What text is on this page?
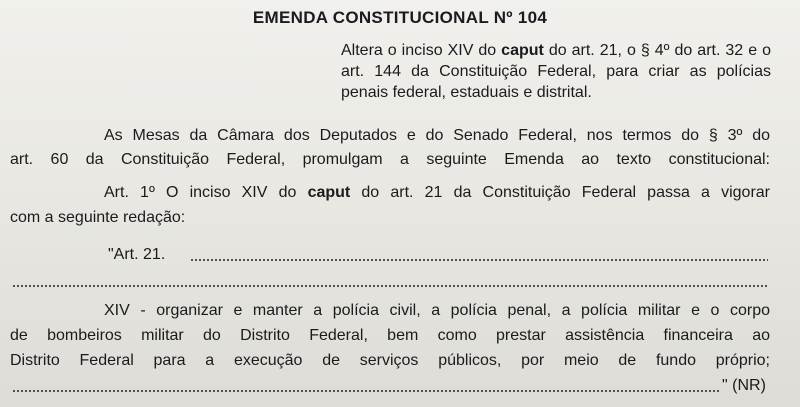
EMENDA CONSTITUCIONAL Nº 104
Altera o inciso XIV do caput do art. 21, o § 4º do art. 32 e o art. 144 da Constituição Federal, para criar as polícias penais federal, estaduais e distrital.
As Mesas da Câmara dos Deputados e do Senado Federal, nos termos do § 3º do
art. 60 da Constituição Federal, promulgam a seguinte Emenda ao texto constitucional:
Art. 1º O inciso XIV do caput do art. 21 da Constituição Federal passa a vigorar
com a seguinte redação:
"Art. 21.
XIV - organizar e manter a polícia civil, a polícia penal, a polícia militar e o corpo
de bombeiros militar do Distrito Federal, bem como prestar assistência financeira ao
Distrito Federal para a execução de serviços públicos, por meio de fundo próprio;
" (NR)
